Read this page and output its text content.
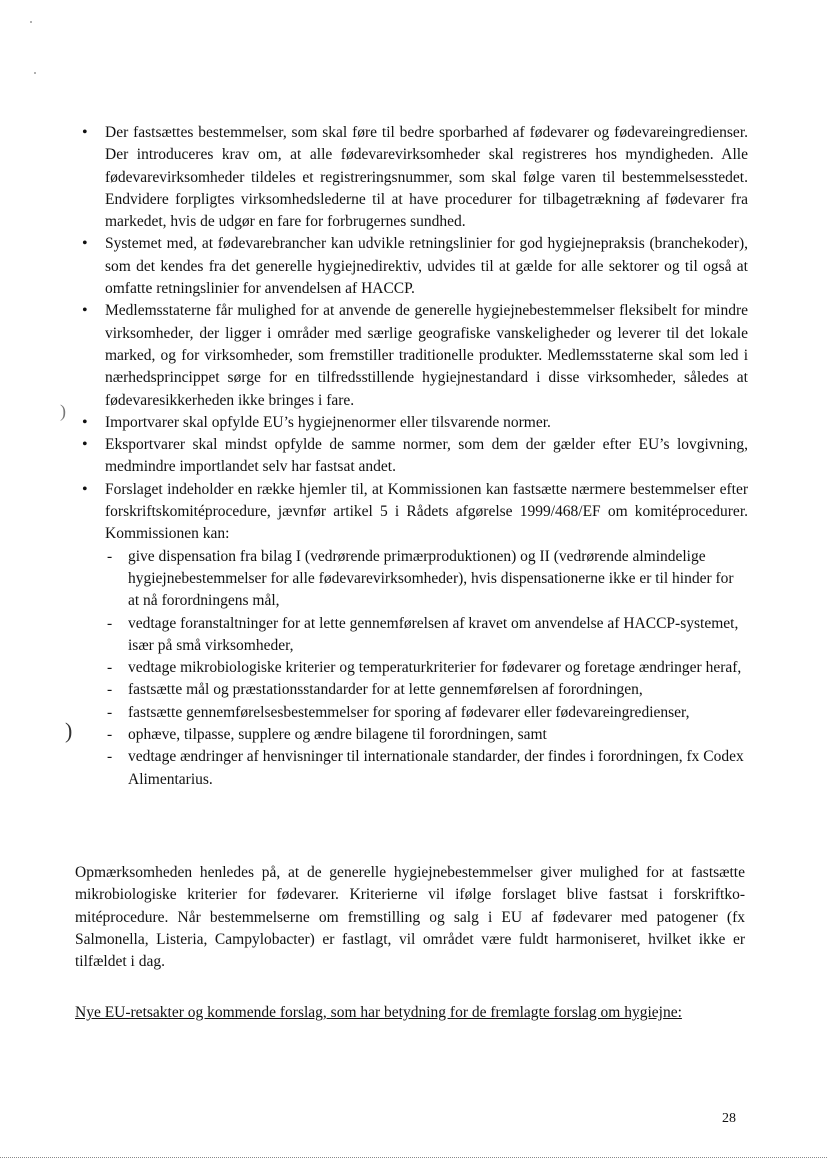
)
)
• Der fastsættes bestemmelser, som skal føre til bedre sporbarhed af fødevarer og fødevareingredienser. Der introduceres krav om, at alle fødevarevirksomheder skal registreres hos myndigheden. Alle fødevarevirksomheder tildeles et registreringsnummer, som skal følge varen til bestemmelsesstedet. Endvidere forpligtes virksomhedslederne til at have procedurer for tilbagetrækning af fødevarer fra markedet, hvis de udgør en fare for forbrugernes sundhed.
• Systemet med, at fødevarebrancher kan udvikle retningslinier for god hygiejnepraksis (branchekoder), som det kendes fra det generelle hygiejnedirektiv, udvides til at gælde for alle sektorer og til også at omfatte retningslinier for anvendelsen af HACCP.
• Medlemsstaterne får mulighed for at anvende de generelle hygiejnebestemmelser fleksibelt for mindre virksomheder, der ligger i områder med særlige geografiske vanskeligheder og leverer til det lokale marked, og for virksomheder, som fremstiller traditionelle produkter. Medlemsstaterne skal som led i nærhedsprincippet sørge for en tilfredsstillende hygiejnestandard i disse virksomheder, således at fødevaresikkerheden ikke bringes i fare.
• Importvarer skal opfylde EU’s hygiejnenormer eller tilsvarende normer.
• Eksportvarer skal mindst opfylde de samme normer, som dem der gælder efter EU’s lovgivning, medmindre importlandet selv har fastsat andet.
• Forslaget indeholder en række hjemler til, at Kommissionen kan fastsætte nærmere bestemmelser efter forskriftskomitéprocedure, jævnfør artikel 5 i Rådets afgørelse 1999/468/EF om komitéprocedurer. Kommissionen kan:
- give dispensation fra bilag I (vedrørende primærproduktionen) og II (vedrørende almindelige hygiejnebestemmelser for alle fødevarevirksomheder), hvis dispensationerne ikke er til hinder for at nå forordningens mål,
- vedtage foranstaltninger for at lette gennemførelsen af kravet om anvendelse af HACCP-systemet, især på små virksomheder,
- vedtage mikrobiologiske kriterier og temperaturkriterier for fødevarer og foretage ændringer heraf,
- fastsætte mål og præstationsstandarder for at lette gennemførelsen af forordningen,
- fastsætte gennemførelsesbestemmelser for sporing af fødevarer eller fødevareingredienser,
- ophæve, tilpasse, supplere og ændre bilagene til forordningen, samt
- vedtage ændringer af henvisninger til internationale standarder, der findes i forordningen, fx Codex Alimentarius.

Opmærksomheden henledes på, at de generelle hygiejnebestemmelser giver mulighed for at fastsætte mikrobiologiske kriterier for fødevarer. Kriterierne vil ifølge forslaget blive fastsat i forskriftkomitéprocedure. Når bestemmelserne om fremstilling og salg i EU af fødevarer med patogener (fx Salmonella, Listeria, Campylobacter) er fastlagt, vil området være fuldt harmoniseret, hvilket ikke er tilfældet i dag.

Nye EU-retsakter og kommende forslag, som har betydning for de fremlagte forslag om hygiejne:

28
